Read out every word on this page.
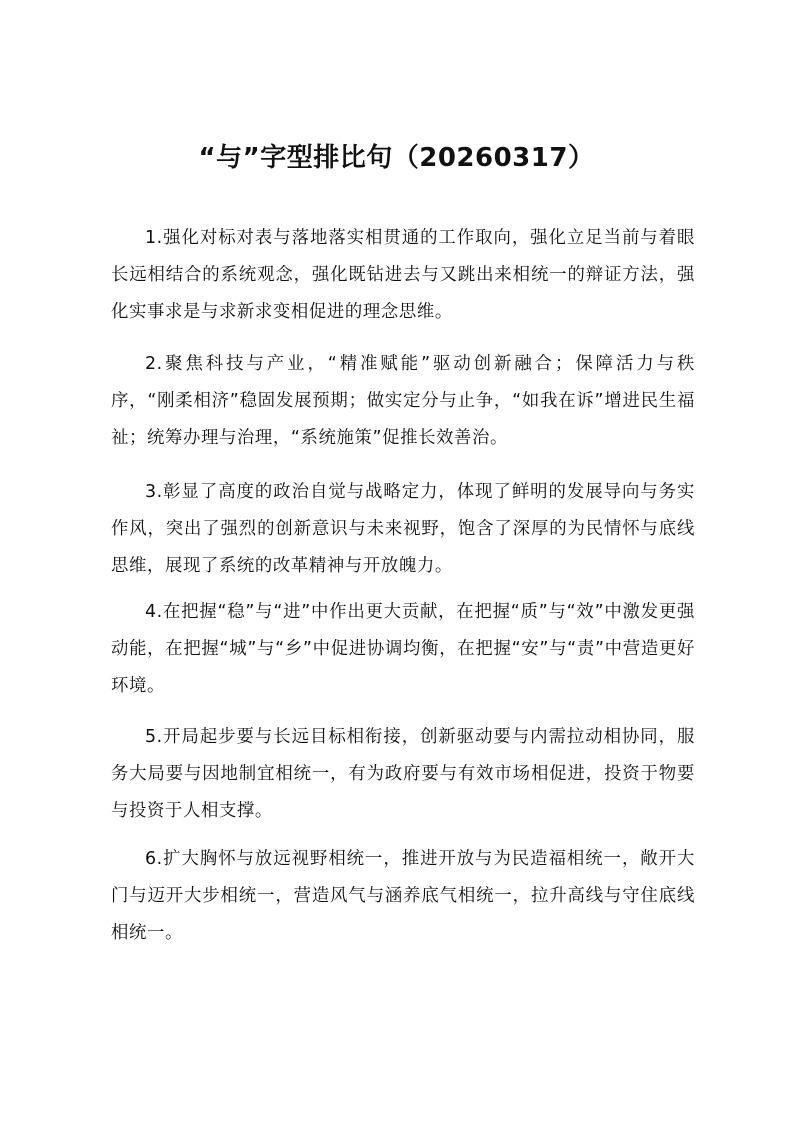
“与”字型排比句（20260317）

1.强化对标对表与落地落实相贯通的工作取向，强化立足当前与着眼长远相结合的系统观念，强化既钻进去与又跳出来相统一的辩证方法，强化实事求是与求新求变相促进的理念思维。

2.聚焦科技与产业，“精准赋能”驱动创新融合；保障活力与秩序，“刚柔相济”稳固发展预期；做实定分与止争，“如我在诉”增进民生福祉；统筹办理与治理，“系统施策”促推长效善治。

3.彰显了高度的政治自觉与战略定力，体现了鲜明的发展导向与务实作风，突出了强烈的创新意识与未来视野，饱含了深厚的为民情怀与底线思维，展现了系统的改革精神与开放魄力。

4.在把握“稳”与“进”中作出更大贡献，在把握“质”与“效”中激发更强动能，在把握“城”与“乡”中促进协调均衡，在把握“安”与“责”中营造更好环境。

5.开局起步要与长远目标相衔接，创新驱动要与内需拉动相协同，服务大局要与因地制宜相统一，有为政府要与有效市场相促进，投资于物要与投资于人相支撑。

6.扩大胸怀与放远视野相统一，推进开放与为民造福相统一，敞开大门与迈开大步相统一，营造风气与涵养底气相统一，拉升高线与守住底线相统一。
